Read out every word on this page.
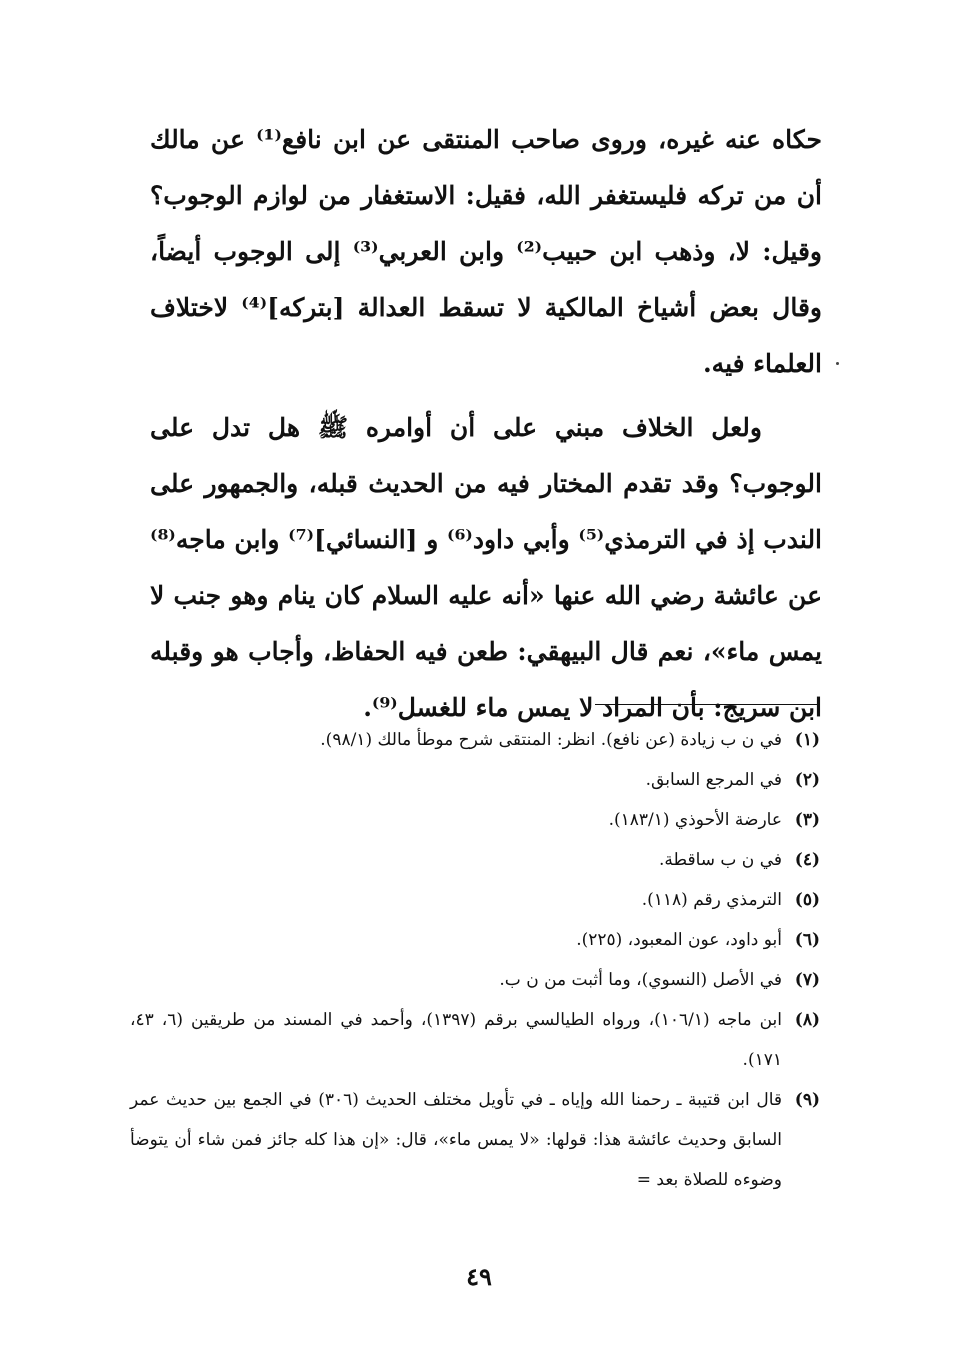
حكاه عنه غيره، وروى صاحب المنتقى عن ابن نافع⁽¹⁾ عن مالك أن من تركه فليستغفر الله، فقيل: الاستغفار من لوازم الوجوب؟ وقيل: لا، وذهب ابن حبيب⁽²⁾ وابن العربي⁽³⁾ إلى الوجوب أيضاً، وقال بعض أشياخ المالكية لا تسقط العدالة [بتركه]⁽⁴⁾ لاختلاف العلماء فيه.

ولعل الخلاف مبني على أن أوامره ﷺ هل تدل على الوجوب؟ وقد تقدم المختار فيه من الحديث قبله، والجمهور على الندب إذ في الترمذي⁽⁵⁾ وأبي داود⁽⁶⁾ و [النسائي]⁽⁷⁾ وابن ماجه⁽⁸⁾ عن عائشة رضي الله عنها «أنه عليه السلام كان ينام وهو جنب لا يمس ماء»، نعم قال البيهقي: طعن فيه الحفاظ، وأجاب هو وقبله ابن سريج: بأن المراد لا يمس ماء للغسل⁽⁹⁾.

(١)
في ن ب زيادة (عن نافع). انظر: المنتقى شرح موطأ مالك (٩٨/١).
(٢)
في المرجع السابق.
(٣)
عارضة الأحوذي (١٨٣/١).
(٤)
في ن ب ساقطة.
(٥)
الترمذي رقم (١١٨).
(٦)
أبو داود، عون المعبود، (٢٢٥).
(٧)
في الأصل (النسوي)، وما أثبت من ن ب.
(٨)
ابن ماجه (١٠٦/١)، ورواه الطيالسي برقم (١٣٩٧)، وأحمد في المسند من طريقين (٦، ٤٣، ١٧١).
(٩)
قال ابن قتيبة ـ رحمنا الله وإياه ـ في تأويل مختلف الحديث (٣٠٦) في الجمع بين حديث عمر السابق وحديث عائشة هذا: قولها: «لا يمس ماء»، قال: «إن هذا كله جائز فمن شاء أن يتوضأ وضوءه للصلاة بعد =
٤٩
